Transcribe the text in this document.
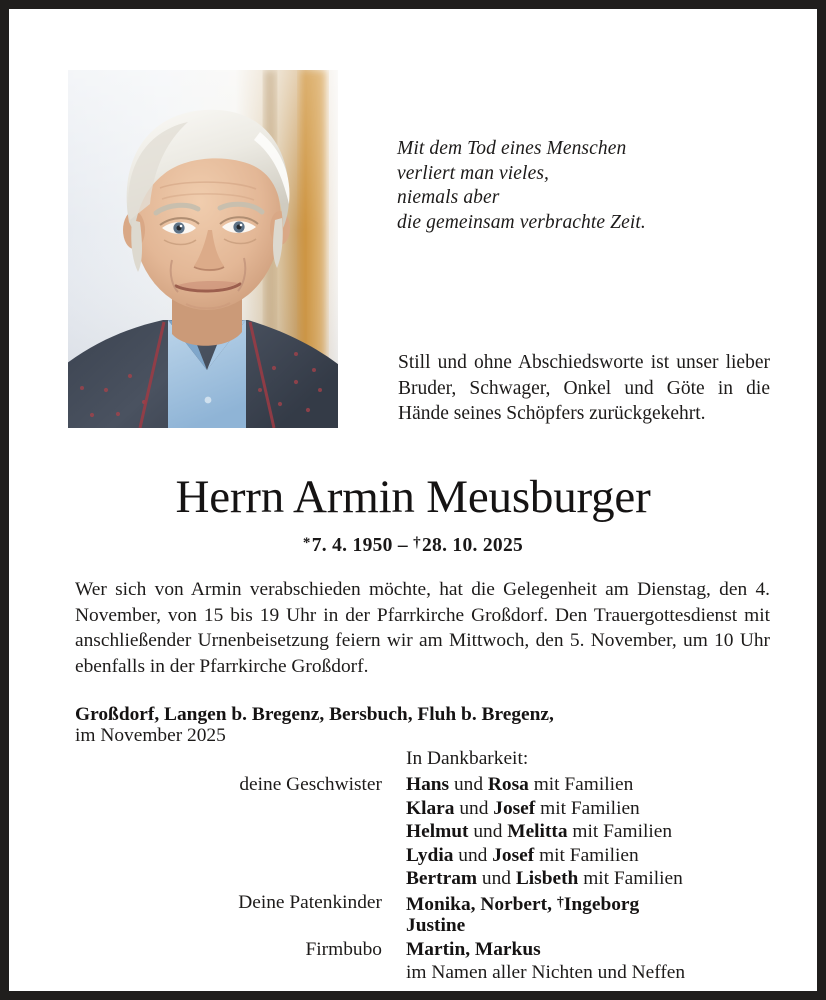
Mit dem Tod eines Menschen
verliert man vieles,
niemals aber
die gemeinsam verbrachte Zeit.
Still und ohne Abschiedsworte ist unser lieber Bruder, Schwager, Onkel und Göte in die Hände seines Schöpfers zurückgekehrt.
Herrn Armin Meusburger
*7. 4. 1950 – †28. 10. 2025
Wer sich von Armin verabschieden möchte, hat die Gelegenheit am Dienstag, den 4. November, von 15 bis 19 Uhr in der Pfarrkirche Großdorf. Den Trauergottesdienst mit anschließender Urnenbeisetzung feiern wir am Mittwoch, den 5. November, um 10 Uhr ebenfalls in der Pfarrkirche Großdorf.
Großdorf, Langen b. Bregenz, Bersbuch, Fluh b. Bregenz,
im November 2025
In Dankbarkeit:
deine Geschwister Hans und Rosa mit Familien
Klara und Josef mit Familien
Helmut und Melitta mit Familien
Lydia und Josef mit Familien
Bertram und Lisbeth mit Familien
Deine Patenkinder Monika, Norbert, †Ingeborg
Justine
Firmbubo Martin, Markus
im Namen aller Nichten und Neffen
